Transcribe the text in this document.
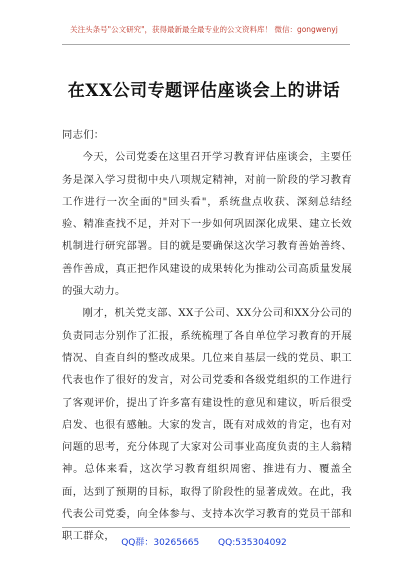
关注头条号"公文研究"，获得最新最全最专业的公文资料库！ 微信：gongwenyj
在XX公司专题评估座谈会上的讲话

同志们：

今天，公司党委在这里召开学习教育评估座谈会，主要任务是深入学习贯彻中央八项规定精神，对前一阶段的学习教育工作进行一次全面的"回头看"，系统盘点收获、深刻总结经验、精准查找不足，并对下一步如何巩固深化成果、建立长效机制进行研究部署。目的就是要确保这次学习教育善始善终、善作善成，真正把作风建设的成果转化为推动公司高质量发展的强大动力。

刚才，机关党支部、XX子公司、XX分公司和XX分公司的负责同志分别作了汇报，系统梳理了各自单位学习教育的开展情况、自查自纠的整改成果。几位来自基层一线的党员、职工代表也作了很好的发言，对公司党委和各级党组织的工作进行了客观评价，提出了许多富有建设性的意见和建议，听后很受启发、也很有感触。大家的发言，既有对成效的肯定，也有对问题的思考，充分体现了大家对公司事业高度负责的主人翁精神。总体来看，这次学习教育组织周密、推进有力、覆盖全面，达到了预期的目标，取得了阶段性的显著成效。在此，我代表公司党委，向全体参与、支持本次学习教育的党员干部和职工群众，

QQ群：30265665 QQ:535304092
